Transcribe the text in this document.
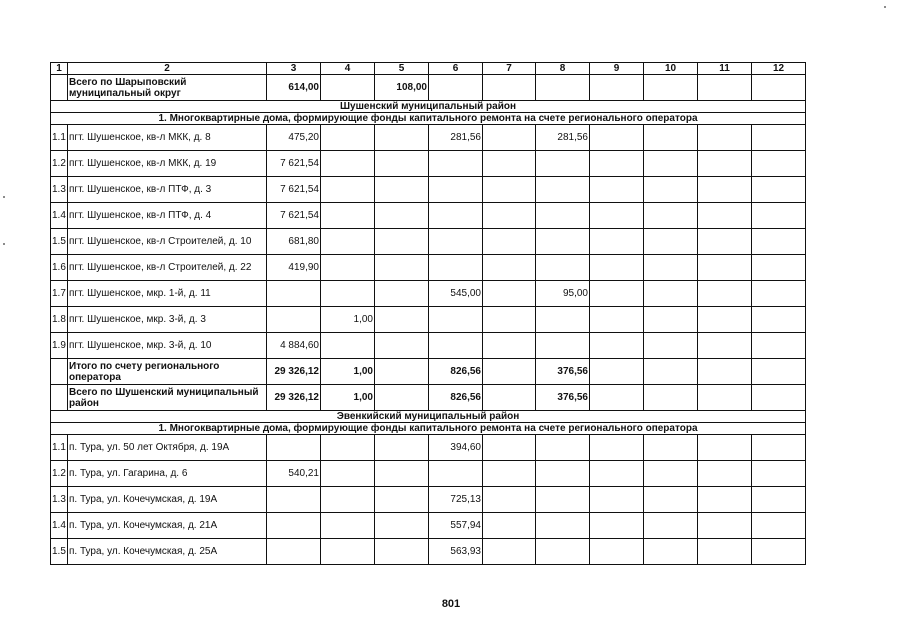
1	2	3	4	5	6	7	8	9	10	11	12
	Всего по Шарыповский муниципальный округ	614,00		108,00							
Шушенский муниципальный район											
1. Многоквартирные дома, формирующие фонды капитального ремонта на счете регионального оператора											
1.1	пгт. Шушенское, кв-л МКК, д. 8	475,20			281,56		281,56				
1.2	пгт. Шушенское, кв-л МКК, д. 19	7 621,54									
1.3	пгт. Шушенское, кв-л ПТФ, д. 3	7 621,54									
1.4	пгт. Шушенское, кв-л ПТФ, д. 4	7 621,54									
1.5	пгт. Шушенское, кв-л Строителей, д. 10	681,80									
1.6	пгт. Шушенское, кв-л Строителей, д. 22	419,90									
1.7	пгт. Шушенское, мкр. 1-й, д. 11				545,00		95,00				
1.8	пгт. Шушенское, мкр. 3-й, д. 3		1,00								
1.9	пгт. Шушенское, мкр. 3-й, д. 10	4 884,60									
	Итого по счету регионального оператора	29 326,12	1,00		826,56		376,56				
	Всего по Шушенский муниципальный район	29 326,12	1,00		826,56		376,56				
Эвенкийский муниципальный район											
1. Многоквартирные дома, формирующие фонды капитального ремонта на счете регионального оператора											
1.1	п. Тура, ул. 50 лет Октября, д. 19А				394,60						
1.2	п. Тура, ул. Гагарина, д. 6	540,21									
1.3	п. Тура, ул. Кочечумская, д. 19А				725,13						
1.4	п. Тура, ул. Кочечумская, д. 21А				557,94						
1.5	п. Тура, ул. Кочечумская, д. 25А				563,93						
801
